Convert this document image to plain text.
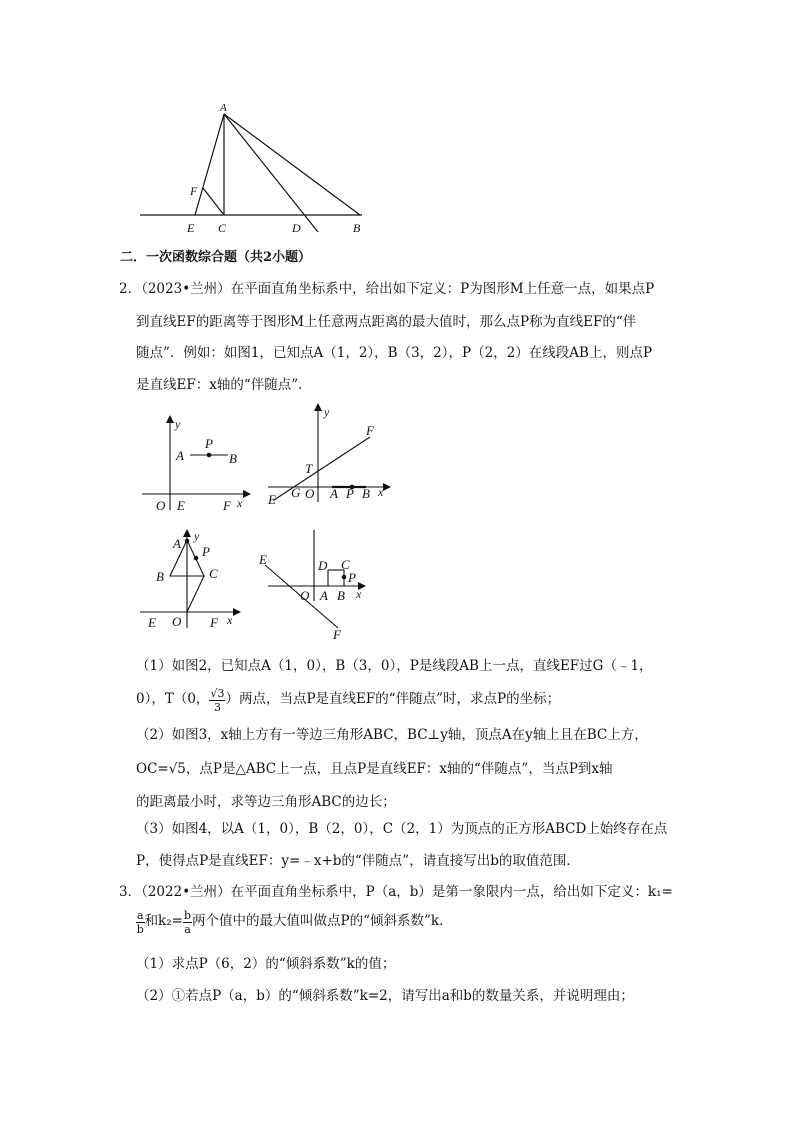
A
F
E C	D	B
二．一次函数综合题（共2小题）
2．（2023•兰州）在平面直角坐标系中，给出如下定义：P为图形M上任意一点，如果点P
到直线EF的距离等于图形M上任意两点距离的最大值时，那么点P称为直线EF的“伴
随点”．例如：如图1，已知点A（1，2），B（3，2），P（2，2）在线段AB上，则点P
是直线EF：x轴的“伴随点”．
y
P
A	B
O E	F x
y
F
T
E G O A P B x
y
A
P
B	C
E O F x
E	D C
P
O A B x
F
（1）如图2，已知点A（1，0），B（3，0），P是线段AB上一点，直线EF过G（﹣1，
0），T（0， $\frac{√3}{3}$ ）两点，当点P是直线EF的“伴随点”时，求点P的坐标；
（2）如图3，x轴上方有一等边三角形ABC，BC⊥y轴，顶点A在y轴上且在BC上方，
OC=√5，点P是△ABC上一点，且点P是直线EF：x轴的“伴随点”，当点P到x轴
的距离最小时，求等边三角形ABC的边长；
（3）如图4，以A（1，0），B（2，0），C（2，1）为顶点的正方形ABCD上始终存在点
P，使得点P是直线EF：y=﹣x+b的“伴随点”，请直接写出b的取值范围．
3．（2022•兰州）在平面直角坐标系中，P（a，b）是第一象限内一点，给出如下定义：k₁=
$\frac{a}{b}$ 和$k_2= \frac{b}{a}$ 两个值中的最大值叫做点P的“倾斜系数”k．
（1）求点P（6，2）的“倾斜系数”k的值；
（2）①若点P（a，b）的“倾斜系数”k=2，请写出a和b的数量关系，并说明理由；
